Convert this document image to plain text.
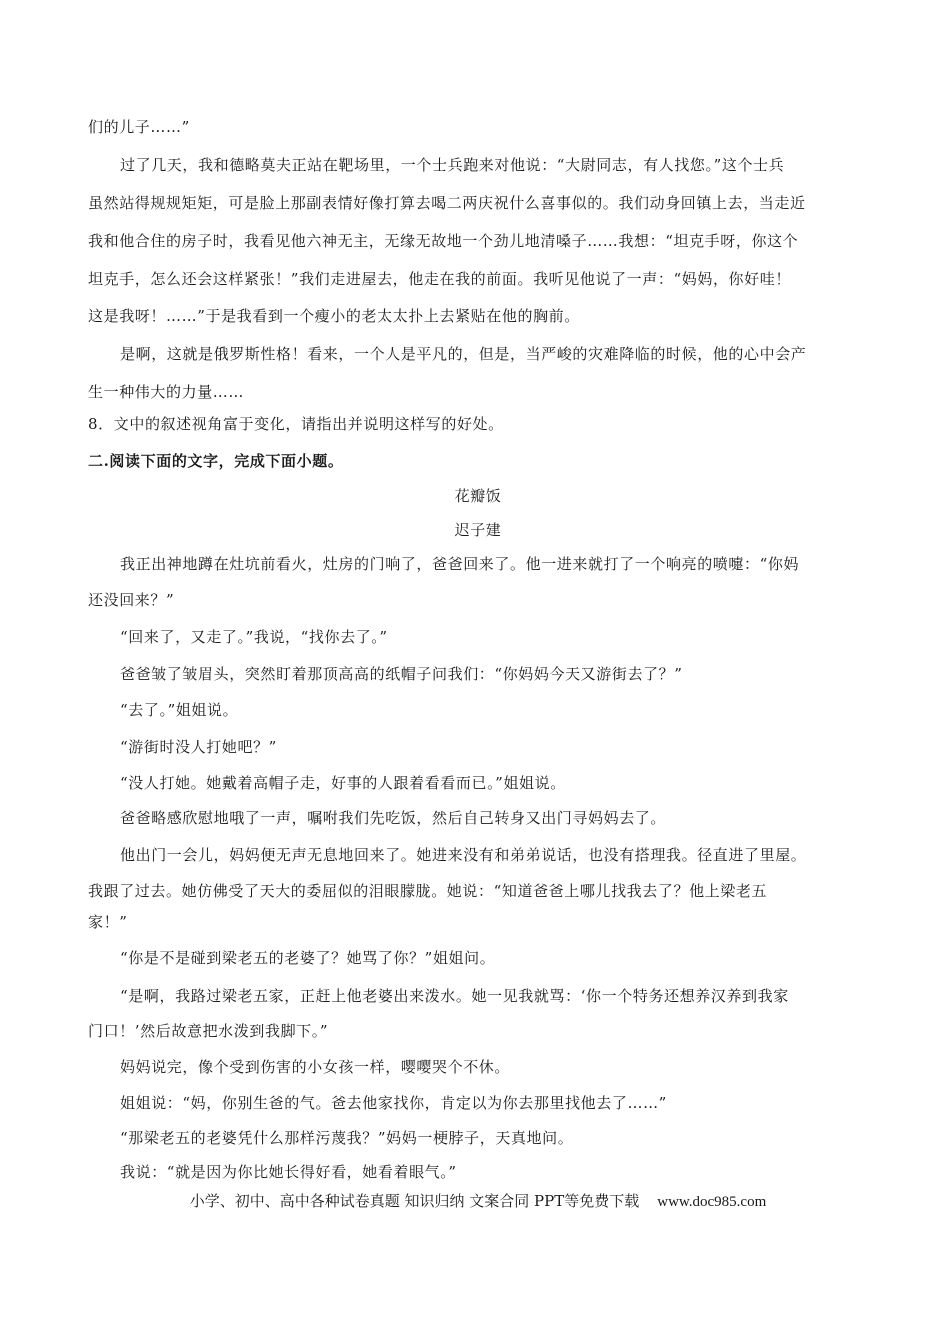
们的儿子……”
过了几天，我和德略莫夫正站在靶场里，一个士兵跑来对他说：“大尉同志，有人找您。”这个士兵
虽然站得规规矩矩，可是脸上那副表情好像打算去喝二两庆祝什么喜事似的。我们动身回镇上去，当走近
我和他合住的房子时，我看见他六神无主，无缘无故地一个劲儿地清嗓子……我想：“坦克手呀，你这个
坦克手，怎么还会这样紧张！”我们走进屋去，他走在我的前面。我听见他说了一声：“妈妈，你好哇！
这是我呀！……”于是我看到一个瘦小的老太太扑上去紧贴在他的胸前。
是啊，这就是俄罗斯性格！看来，一个人是平凡的，但是，当严峻的灾难降临的时候，他的心中会产
生一种伟大的力量……
8．文中的叙述视角富于变化，请指出并说明这样写的好处。
二.阅读下面的文字，完成下面小题。
花瓣饭
迟子建
我正出神地蹲在灶坑前看火，灶房的门响了，爸爸回来了。他一进来就打了一个响亮的喷嚏：“你妈
还没回来？”
“回来了，又走了。”我说，“找你去了。”
爸爸皱了皱眉头，突然盯着那顶高高的纸帽子问我们：“你妈妈今天又游街去了？”
“去了。”姐姐说。
“游街时没人打她吧？”
“没人打她。她戴着高帽子走，好事的人跟着看看而已。”姐姐说。
爸爸略感欣慰地哦了一声，嘱咐我们先吃饭，然后自己转身又出门寻妈妈去了。
他出门一会儿，妈妈便无声无息地回来了。她进来没有和弟弟说话，也没有搭理我。径直进了里屋。
我跟了过去。她仿佛受了天大的委屈似的泪眼朦胧。她说：“知道爸爸上哪儿找我去了？他上梁老五
家！”
“你是不是碰到梁老五的老婆了？她骂了你？”姐姐问。
“是啊，我路过梁老五家，正赶上他老婆出来泼水。她一见我就骂：‘你一个特务还想养汉养到我家
门口！’然后故意把水泼到我脚下。”
妈妈说完，像个受到伤害的小女孩一样，嘤嘤哭个不休。
姐姐说：“妈，你别生爸的气。爸去他家找你，肯定以为你去那里找他去了……”
“那梁老五的老婆凭什么那样污蔑我？”妈妈一梗脖子，天真地问。
我说：“就是因为你比她长得好看，她看着眼气。”
小学、初中、高中各种试卷真题 知识归纳 文案合同 PPT等免费下载 www.doc985.com
